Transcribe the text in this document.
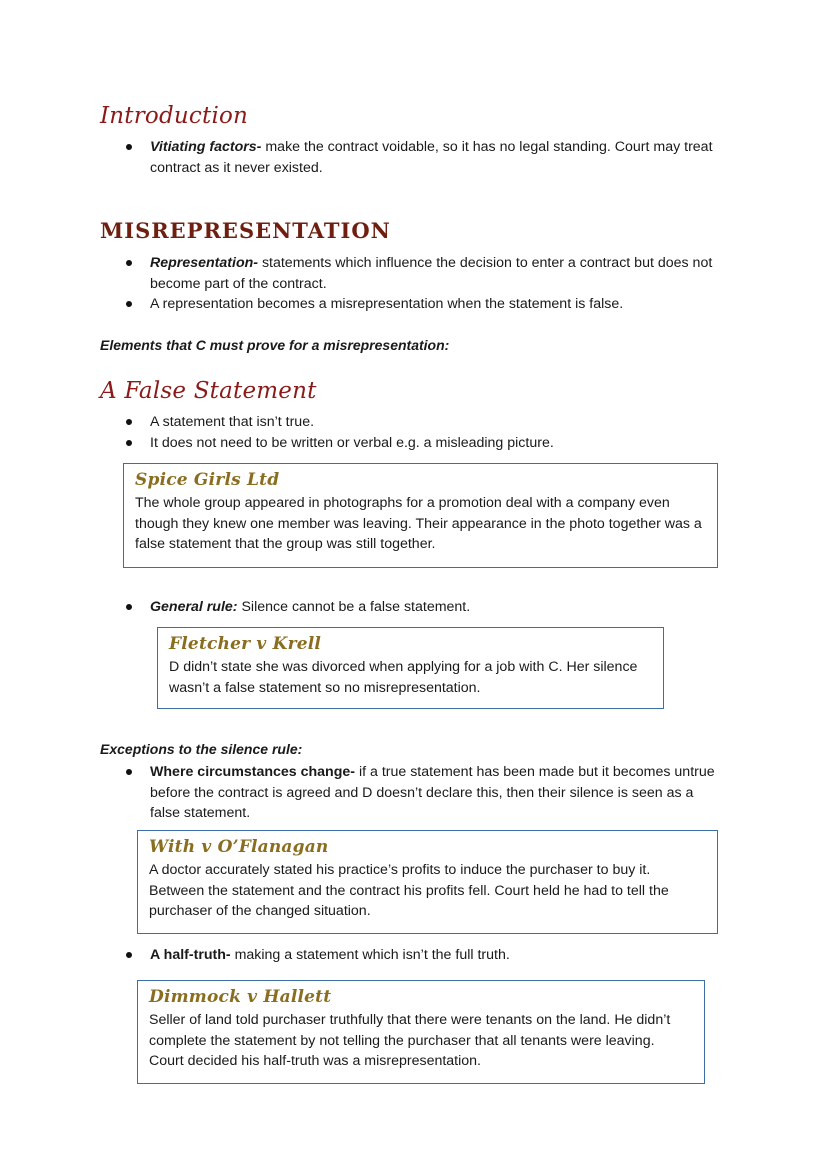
Introduction
Vitiating factors- make the contract voidable, so it has no legal standing. Court may treat contract as it never existed.
MISREPRESENTATION
Representation- statements which influence the decision to enter a contract but does not become part of the contract.
A representation becomes a misrepresentation when the statement is false.
Elements that C must prove for a misrepresentation:
A False Statement
A statement that isn’t true.
It does not need to be written or verbal e.g. a misleading picture.
Spice Girls Ltd
The whole group appeared in photographs for a promotion deal with a company even though they knew one member was leaving. Their appearance in the photo together was a false statement that the group was still together.
General rule: Silence cannot be a false statement.
Fletcher v Krell
D didn’t state she was divorced when applying for a job with C. Her silence wasn’t a false statement so no misrepresentation.
Exceptions to the silence rule:
Where circumstances change- if a true statement has been made but it becomes untrue before the contract is agreed and D doesn’t declare this, then their silence is seen as a false statement.
With v O’Flanagan
A doctor accurately stated his practice’s profits to induce the purchaser to buy it. Between the statement and the contract his profits fell. Court held he had to tell the purchaser of the changed situation.
A half-truth- making a statement which isn’t the full truth.
Dimmock v Hallett
Seller of land told purchaser truthfully that there were tenants on the land. He didn’t complete the statement by not telling the purchaser that all tenants were leaving. Court decided his half-truth was a misrepresentation.
